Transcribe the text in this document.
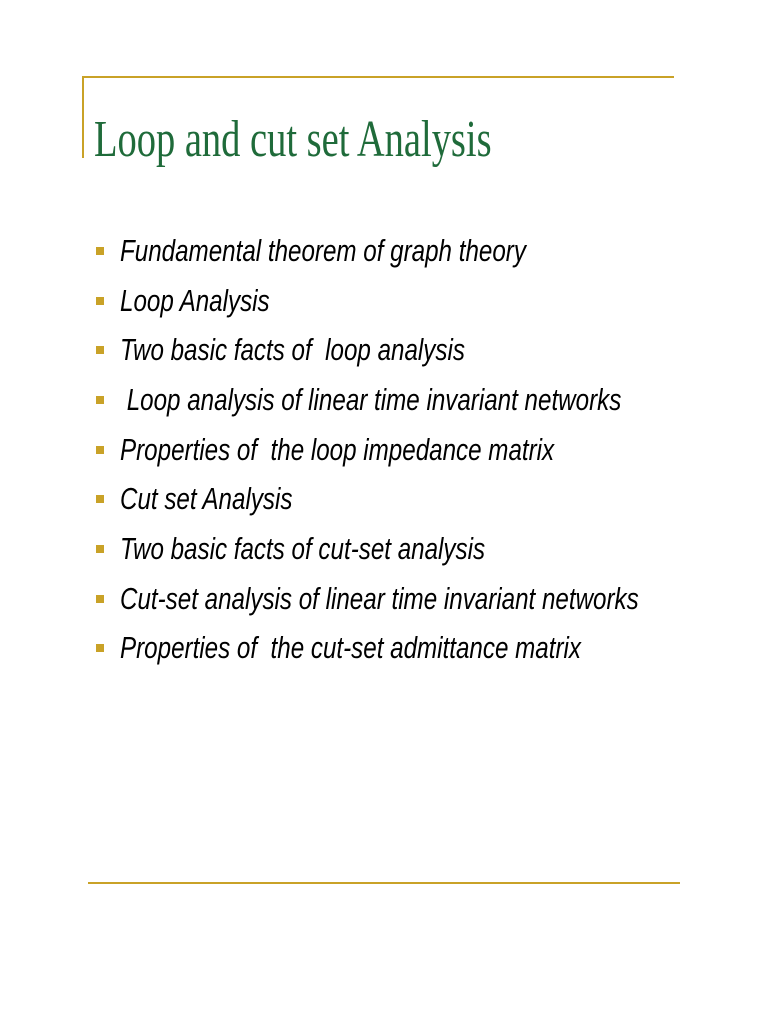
Loop and cut set Analysis
Fundamental theorem of graph theory
Loop Analysis
Two basic facts of  loop analysis
Loop analysis of linear time invariant networks
Properties of  the loop impedance matrix
Cut set Analysis
Two basic facts of cut-set analysis
Cut-set analysis of linear time invariant networks
Properties of  the cut-set admittance matrix
